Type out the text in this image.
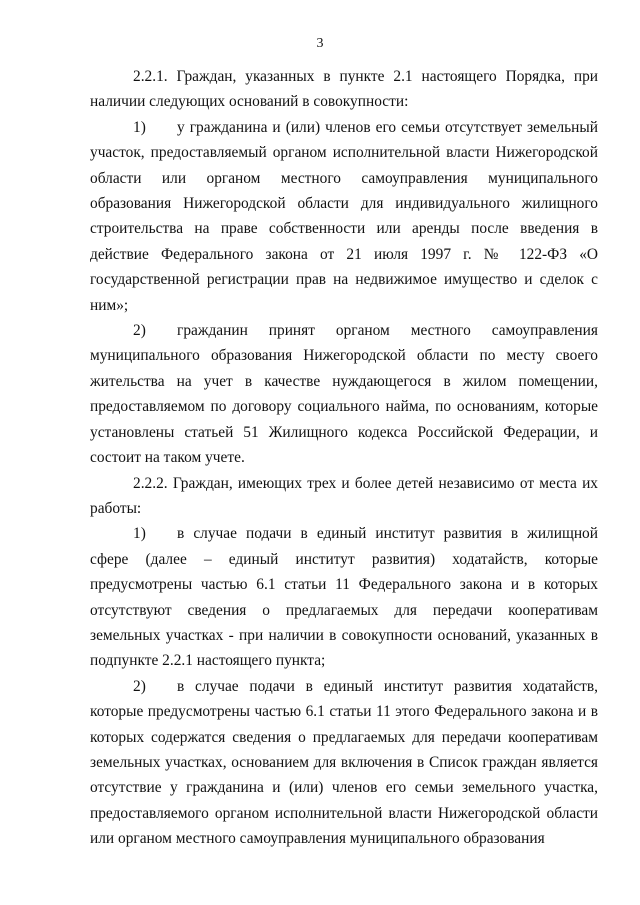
3

2.2.1. Граждан, указанных в пункте 2.1 настоящего Порядка, при наличии следующих оснований в совокупности:

1) у гражданина и (или) членов его семьи отсутствует земельный участок, предоставляемый органом исполнительной власти Нижегородской области или органом местного самоуправления муниципального образования Нижегородской области для индивидуального жилищного строительства на праве собственности или аренды после введения в действие Федерального закона от 21 июля 1997 г. № 122-ФЗ «О государственной регистрации прав на недвижимое имущество и сделок с ним»;

2) гражданин принят органом местного самоуправления муниципального образования Нижегородской области по месту своего жительства на учет в качестве нуждающегося в жилом помещении, предоставляемом по договору социального найма, по основаниям, которые установлены статьей 51 Жилищного кодекса Российской Федерации, и состоит на таком учете.

2.2.2. Граждан, имеющих трех и более детей независимо от места их работы:

1) в случае подачи в единый институт развития в жилищной сфере (далее – единый институт развития) ходатайств, которые предусмотрены частью 6.1 статьи 11 Федерального закона и в которых отсутствуют сведения о предлагаемых для передачи кооперативам земельных участках - при наличии в совокупности оснований, указанных в подпункте 2.2.1 настоящего пункта;

2) в случае подачи в единый институт развития ходатайств, которые предусмотрены частью 6.1 статьи 11 этого Федерального закона и в которых содержатся сведения о предлагаемых для передачи кооперативам земельных участках, основанием для включения в Список граждан является отсутствие у гражданина и (или) членов его семьи земельного участка, предоставляемого органом исполнительной власти Нижегородской области или органом местного самоуправления муниципального образования
